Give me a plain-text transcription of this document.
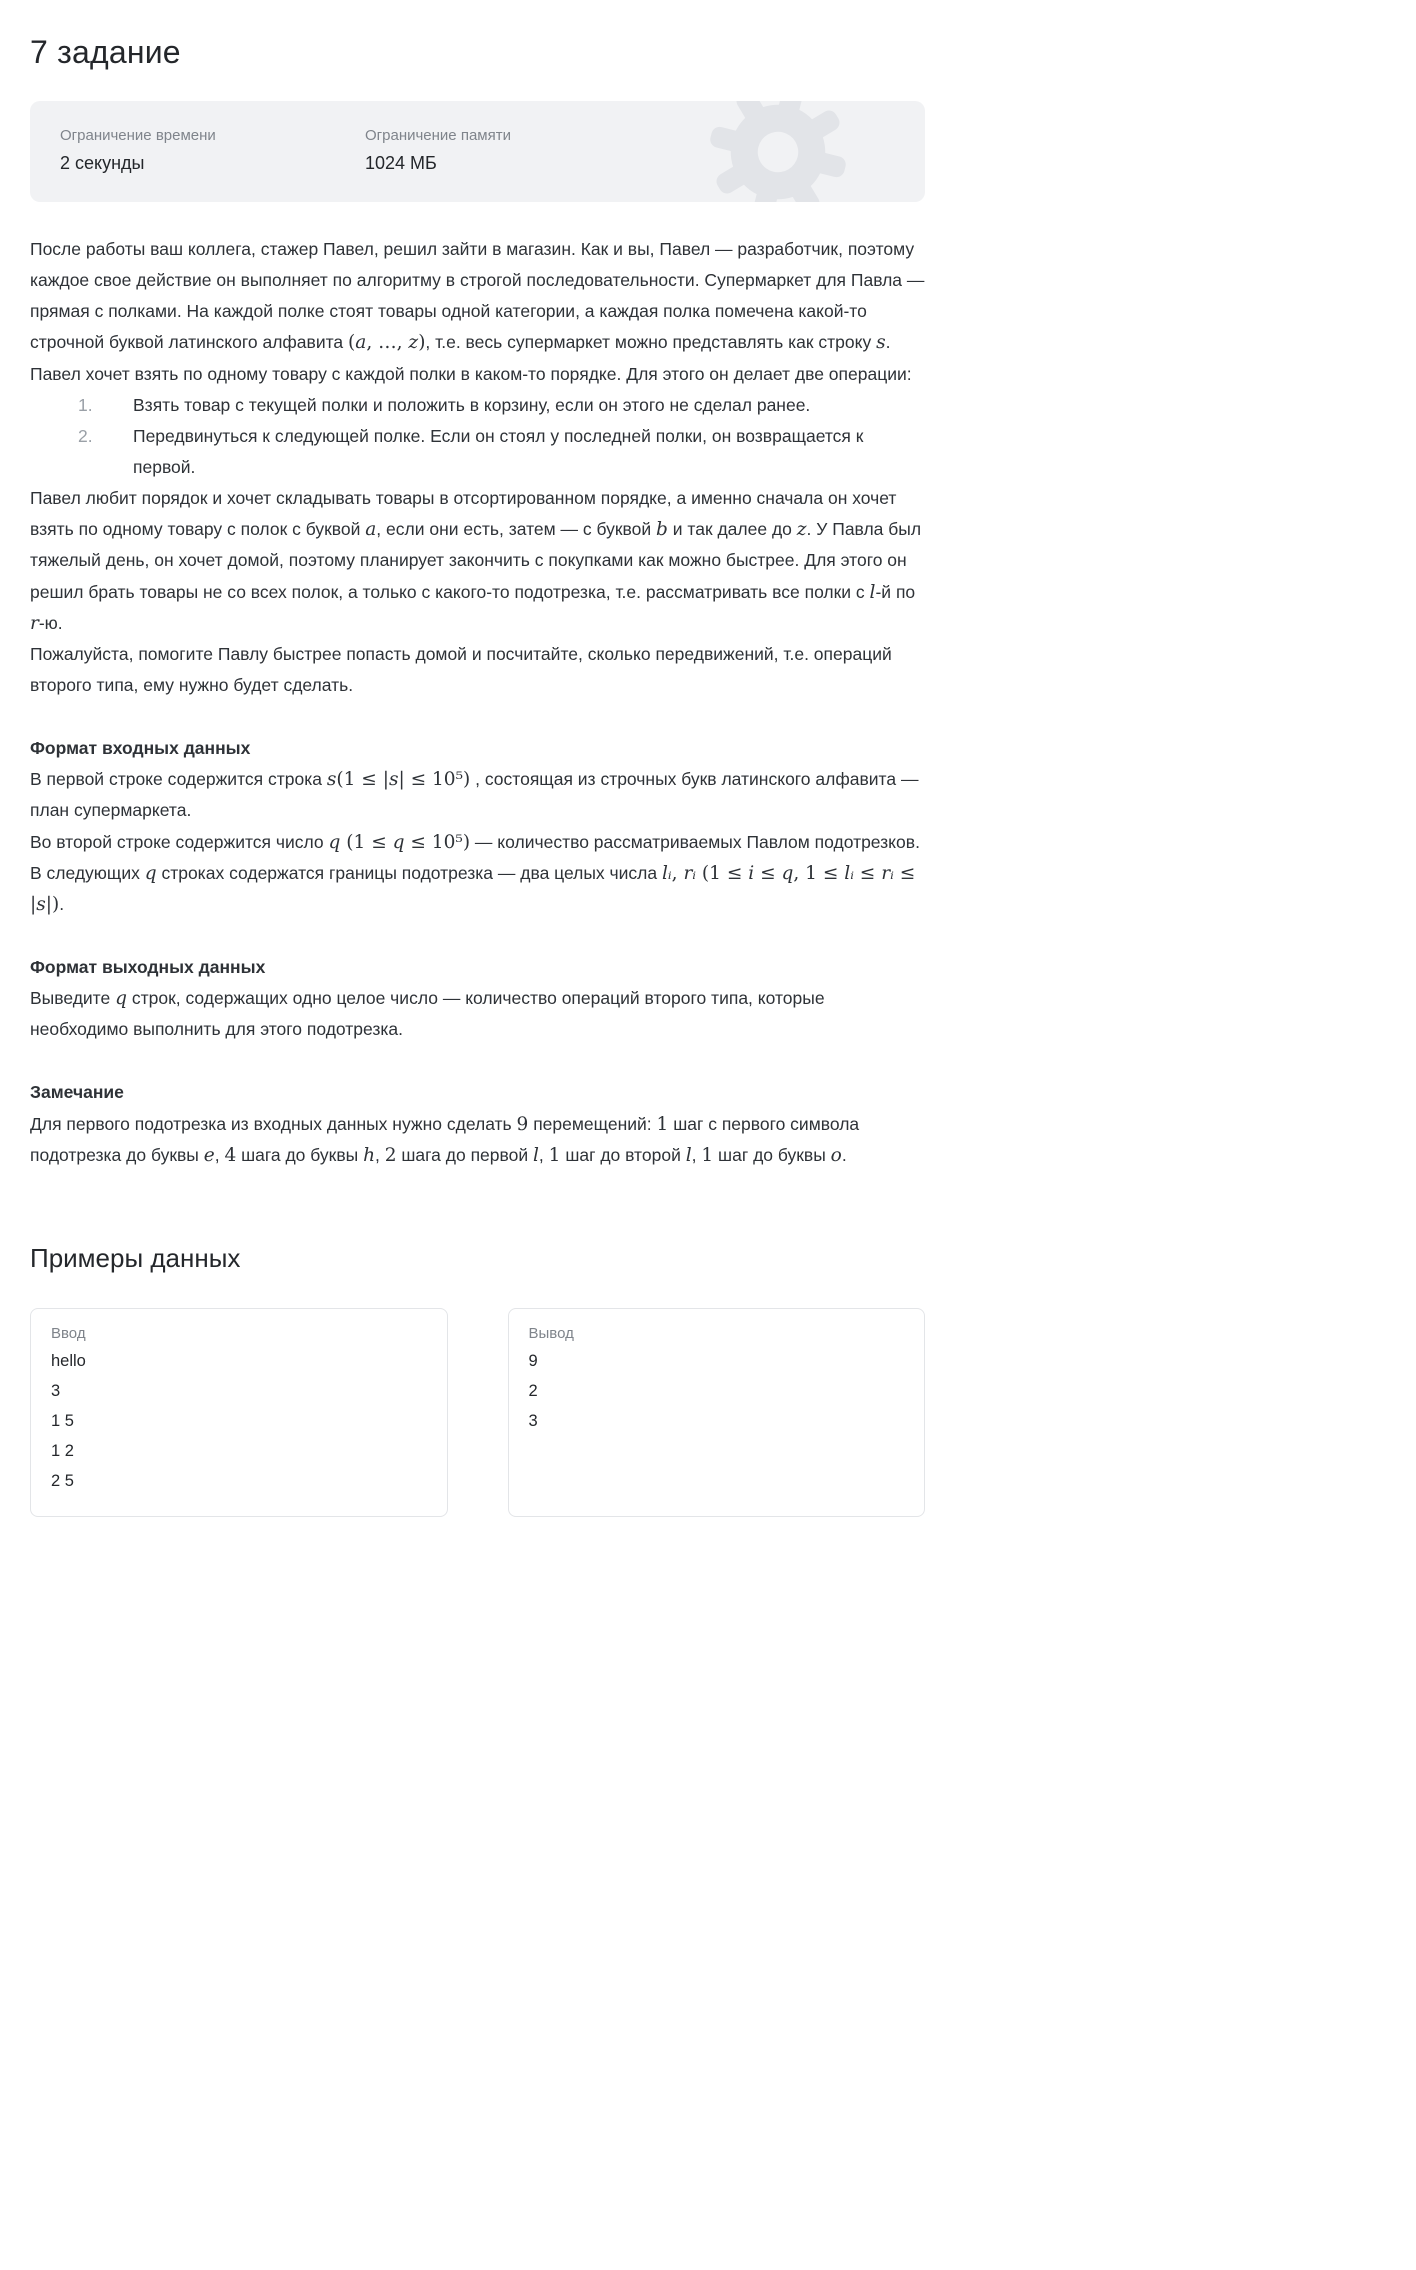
7 задание
Ограничение времени
2 секунды
Ограничение памяти
1024 МБ

После работы ваш коллега, стажер Павел, решил зайти в магазин. Как и вы, Павел — разработчик, поэтому каждое свое действие он выполняет по алгоритму в строгой последовательности. Супермаркет для Павла — прямая с полками. На каждой полке стоят товары одной категории, а каждая полка помечена какой-то строчной буквой латинского алфавита (a, …, z), т.е. весь супермаркет можно представлять как строку s.

Павел хочет взять по одному товару с каждой полки в каком-то порядке. Для этого он делает две операции:

1.	Взять товар с текущей полки и положить в корзину, если он этого не сделал ранее.
2.	Передвинуться к следующей полке. Если он стоял у последней полки, он возвращается к первой.

Павел любит порядок и хочет складывать товары в отсортированном порядке, а именно сначала он хочет взять по одному товару с полок с буквой a, если они есть, затем — с буквой b и так далее до z. У Павла был тяжелый день, он хочет домой, поэтому планирует закончить с покупками как можно быстрее. Для этого он решил брать товары не со всех полок, а только с какого-то подотрезка, т.е. рассматривать все полки с l-й по r-ю.

Пожалуйста, помогите Павлу быстрее попасть домой и посчитайте, сколько передвижений, т.е. операций второго типа, ему нужно будет сделать.

Формат входных данных

В первой строке содержится строка s(1 ≤ |s| ≤ 10⁵) , состоящая из строчных букв латинского алфавита — план супермаркета.

Во второй строке содержится число q (1 ≤ q ≤ 10⁵) — количество рассматриваемых Павлом подотрезков.

В следующих q строках содержатся границы подотрезка — два целых числа lᵢ, rᵢ (1 ≤ i ≤ q, 1 ≤ lᵢ ≤ rᵢ ≤ |s|).

Формат выходных данных

Выведите q строк, содержащих одно целое число — количество операций второго типа, которые необходимо выполнить для этого подотрезка.

Замечание

Для первого подотрезка из входных данных нужно сделать 9 перемещений: 1 шаг с первого символа подотрезка до буквы e, 4 шага до буквы h, 2 шага до первой l, 1 шаг до второй l, 1 шаг до буквы o.

Примеры данных
Ввод
hello
3
1 5
1 2
2 5
Вывод
9
2
3
